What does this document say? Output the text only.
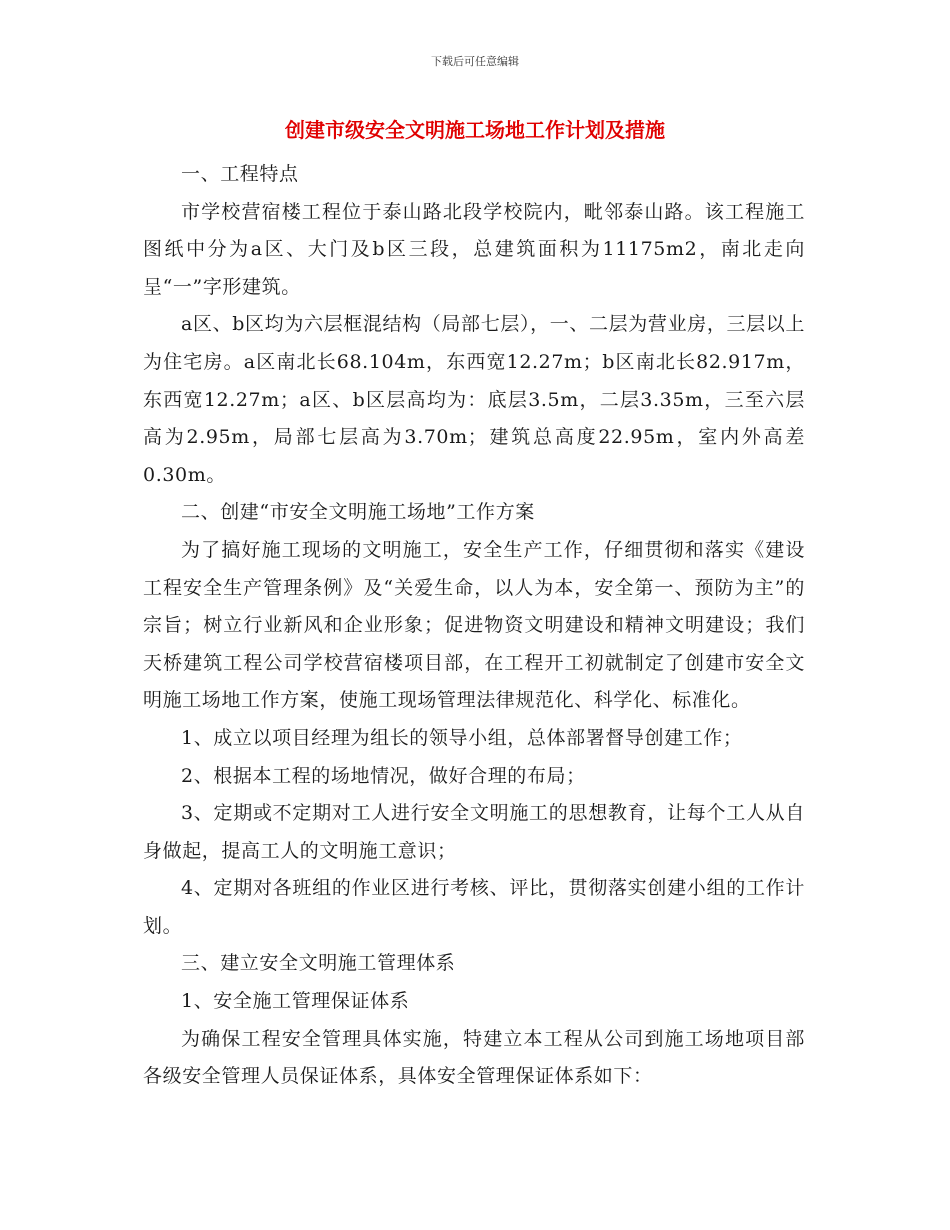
下载后可任意编辑
创建市级安全文明施工场地工作计划及措施

一、工程特点

市学校营宿楼工程位于泰山路北段学校院内，毗邻泰山路。该工程施工图纸中分为a区、大门及b区三段，总建筑面积为11175m2，南北走向呈“一”字形建筑。

a区、b区均为六层框混结构（局部七层），一、二层为营业房，三层以上为住宅房。a区南北长68.104m，东西宽12.27m；b区南北长82.917m，东西宽12.27m；a区、b区层高均为：底层3.5m，二层3.35m，三至六层高为2.95m，局部七层高为3.70m；建筑总高度22.95m，室内外高差0.30m。

二、创建“市安全文明施工场地”工作方案

为了搞好施工现场的文明施工，安全生产工作，仔细贯彻和落实《建设工程安全生产管理条例》及“关爱生命，以人为本，安全第一、预防为主”的宗旨；树立行业新风和企业形象；促进物资文明建设和精神文明建设；我们天桥建筑工程公司学校营宿楼项目部，在工程开工初就制定了创建市安全文明施工场地工作方案，使施工现场管理法律规范化、科学化、标准化。

1、成立以项目经理为组长的领导小组，总体部署督导创建工作；

2、根据本工程的场地情况，做好合理的布局；

3、定期或不定期对工人进行安全文明施工的思想教育，让每个工人从自身做起，提高工人的文明施工意识；

4、定期对各班组的作业区进行考核、评比，贯彻落实创建小组的工作计划。

三、建立安全文明施工管理体系

1、安全施工管理保证体系

为确保工程安全管理具体实施，特建立本工程从公司到施工场地项目部各级安全管理人员保证体系，具体安全管理保证体系如下：
